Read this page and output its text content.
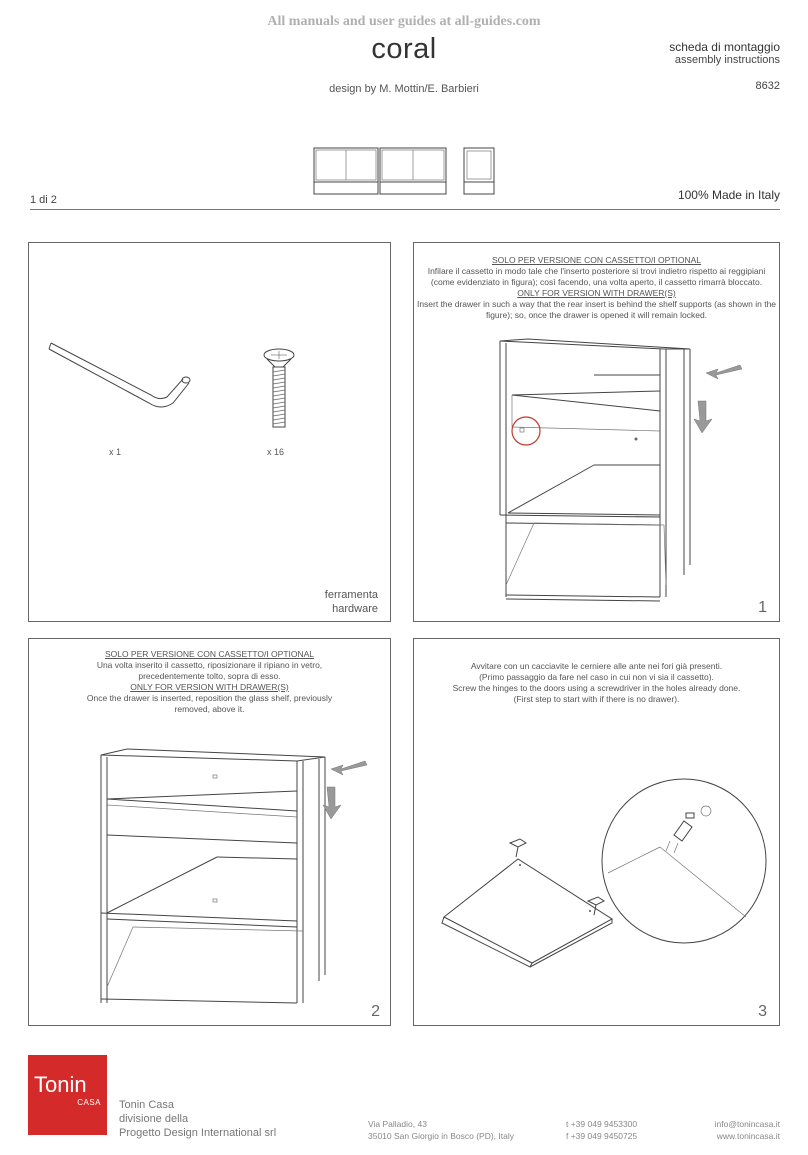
All manuals and user guides at all-guides.com
coral
design by M. Mottin/E. Barbieri
scheda di montaggio
assembly instructions
8632
1 di 2	100% Made in Italy
x 1	x 16
ferramenta
hardware
SOLO PER VERSIONE CON CASSETTO/I OPTIONAL
Infilare il cassetto in modo tale che l'inserto posteriore si trovi indietro rispetto ai reggipiani
(come evidenziato in figura); così facendo, una volta aperto, il cassetto rimarrà bloccato.
ONLY FOR VERSION WITH DRAWER(S)
Insert the drawer in such a way that the rear insert is behind the shelf supports (as shown in the
figure); so, once the drawer is opened it will remain locked.
1
SOLO PER VERSIONE CON CASSETTO/I OPTIONAL
Una volta inserito il cassetto, riposizionare il ripiano in vetro,
precedentemente tolto, sopra di esso.
ONLY FOR VERSION WITH DRAWER(S)
Once the drawer is inserted, reposition the glass shelf, previously
removed, above it.
2
Avvitare con un cacciavite le cerniere alle ante nei fori già presenti.
(Primo passaggio da fare nel caso in cui non vi sia il cassetto).
Screw the hinges to the doors using a screwdriver in the holes already done.
(First step to start with if there is no drawer).
3
Tonin
CASA Tonin Casa
divisione della
Progetto Design International srl
Via Palladio, 43
35010 San Giorgio in Bosco (PD), Italy
t +39 049 9453300
f +39 049 9450725
info@tonincasa.it
www.tonincasa.it
